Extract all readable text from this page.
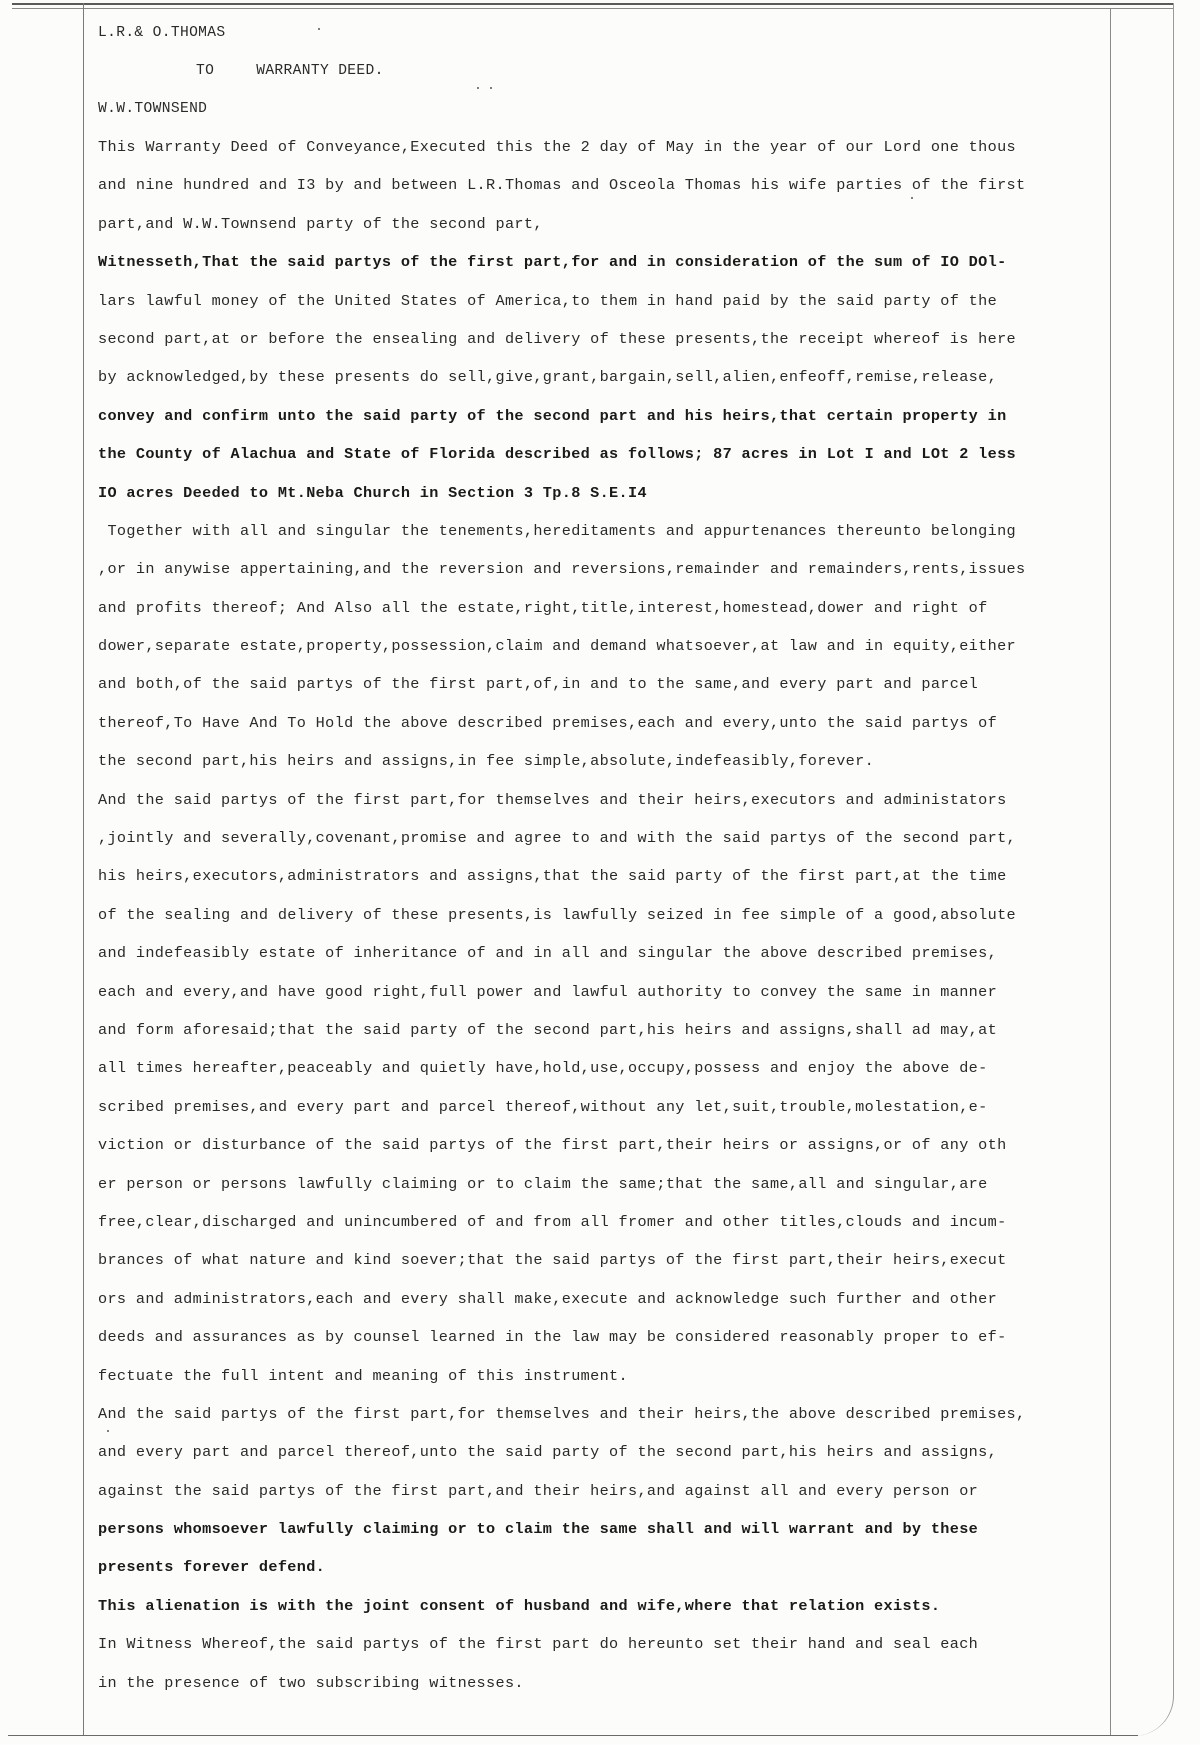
L.R.& O.THOMAS
TO	WARRANTY DEED.
W.W.TOWNSEND
This Warranty Deed of Conveyance,Executed this the 2 day of May in the year of our Lord one thous
and nine hundred and I3 by and between L.R.Thomas and Osceola Thomas his wife parties of the first
part,and W.W.Townsend party of the second part,
Witnesseth,That the said partys of the first part,for and in consideration of the sum of IO DOl-
lars lawful money of the United States of America,to them in hand paid by the said party of the
second part,at or before the ensealing and delivery of these presents,the receipt whereof is here
by acknowledged,by these presents do sell,give,grant,bargain,sell,alien,enfeoff,remise,release,
convey and confirm unto the said party of the second part and his heirs,that certain property in
the County of Alachua and State of Florida described as follows; 87 acres in Lot I and LOt 2 less
IO acres Deeded to Mt.Neba Church in Section 3 Tp.8 S.E.I4
Together with all and singular the tenements,hereditaments and appurtenances thereunto belonging
,or in anywise appertaining,and the reversion and reversions,remainder and remainders,rents,issues
and profits thereof; And Also all the estate,right,title,interest,homestead,dower and right of
dower,separate estate,property,possession,claim and demand whatsoever,at law and in equity,either
and both,of the said partys of the first part,of,in and to the same,and every part and parcel
thereof,To Have And To Hold the above described premises,each and every,unto the said partys of
the second part,his heirs and assigns,in fee simple,absolute,indefeasibly,forever.
And the said partys of the first part,for themselves and their heirs,executors and administators
,jointly and severally,covenant,promise and agree to and with the said partys of the second part,
his heirs,executors,administrators and assigns,that the said party of the first part,at the time
of the sealing and delivery of these presents,is lawfully seized in fee simple of a good,absolute
and indefeasibly estate of inheritance of and in all and singular the above described premises,
each and every,and have good right,full power and lawful authority to convey the same in manner
and form aforesaid;that the said party of the second part,his heirs and assigns,shall ad may,at
all times hereafter,peaceably and quietly have,hold,use,occupy,possess and enjoy the above de-
scribed premises,and every part and parcel thereof,without any let,suit,trouble,molestation,e-
viction or disturbance of the said partys of the first part,their heirs or assigns,or of any oth
er person or persons lawfully claiming or to claim the same;that the same,all and singular,are
free,clear,discharged and unincumbered of and from all fromer and other titles,clouds and incum-
brances of what nature and kind soever;that the said partys of the first part,their heirs,execut
ors and administrators,each and every shall make,execute and acknowledge such further and other
deeds and assurances as by counsel learned in the law may be considered reasonably proper to ef-
fectuate the full intent and meaning of this instrument.
And the said partys of the first part,for themselves and their heirs,the above described premises,
and every part and parcel thereof,unto the said party of the second part,his heirs and assigns,
against the said partys of the first part,and their heirs,and against all and every person or
persons whomsoever lawfully claiming or to claim the same shall and will warrant and by these
presents forever defend.
This alienation is with the joint consent of husband and wife,where that relation exists.
In Witness Whereof,the said partys of the first part do hereunto set their hand and seal each
in the presence of two subscribing witnesses.
